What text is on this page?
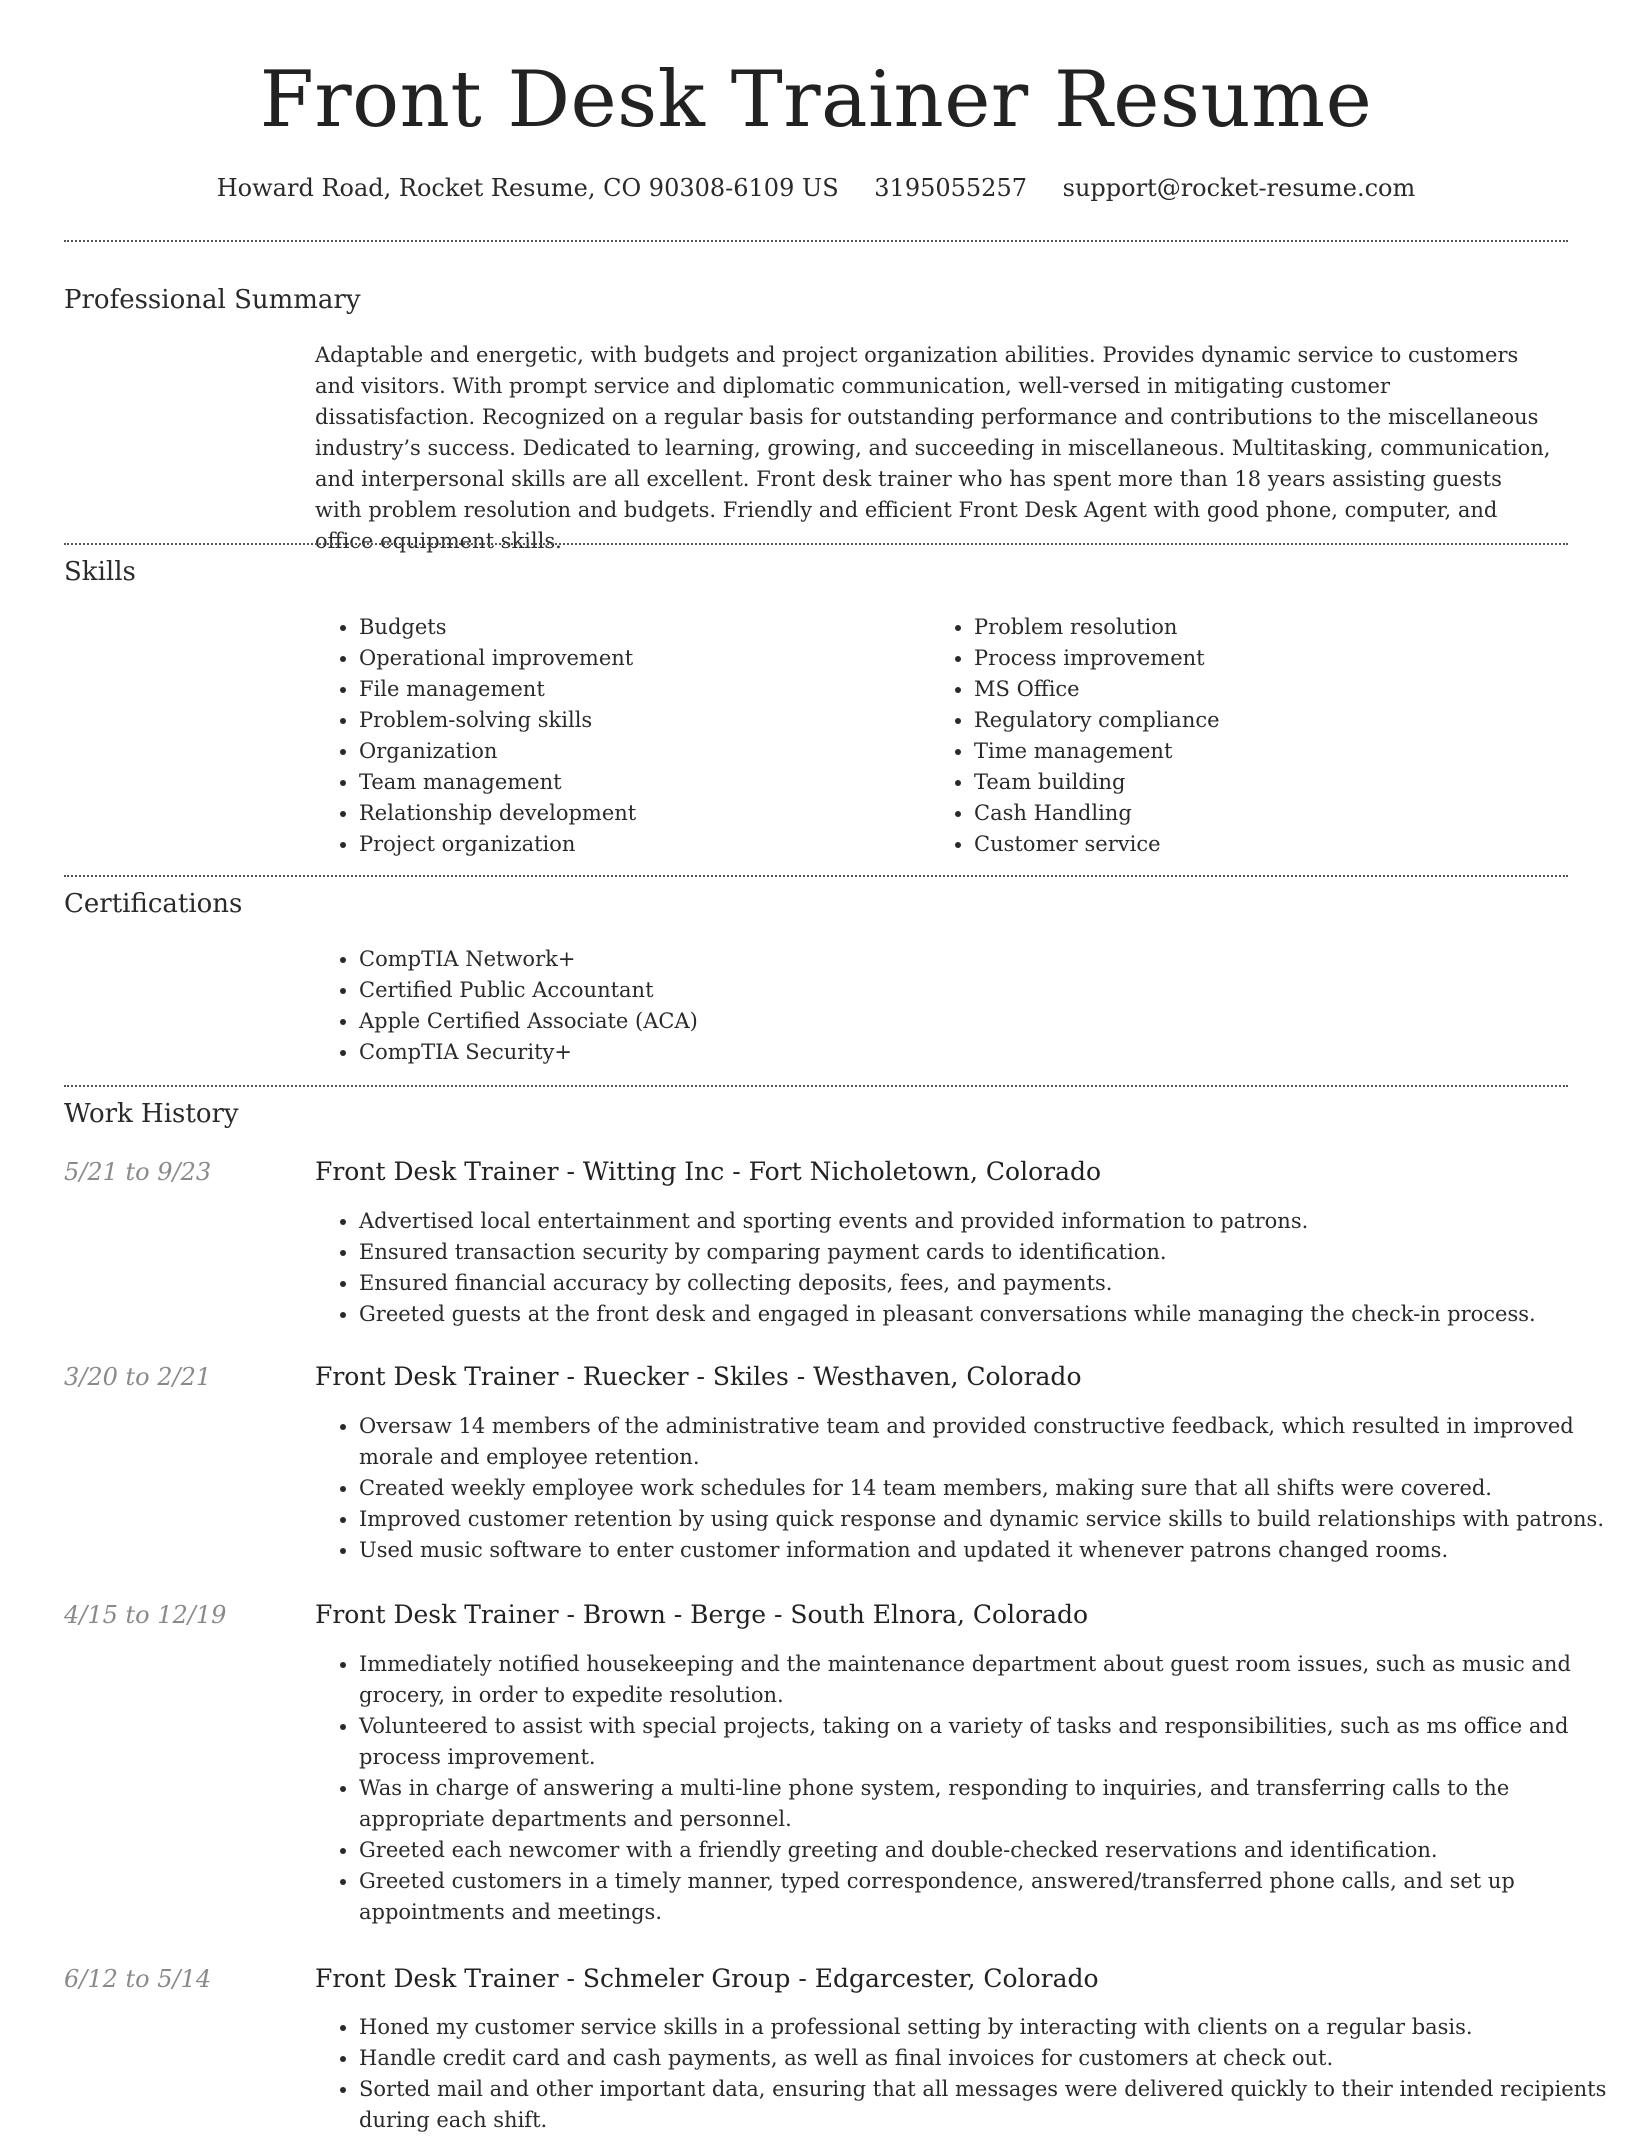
Front Desk Trainer Resume
Howard Road, Rocket Resume, CO 90308-6109 US 3195055257 support@rocket-resume.com
Professional Summary

Adaptable and energetic, with budgets and project organization abilities. Provides dynamic service to customers and visitors. With prompt service and diplomatic communication, well-versed in mitigating customer dissatisfaction. Recognized on a regular basis for outstanding performance and contributions to the miscellaneous industry’s success. Dedicated to learning, growing, and succeeding in miscellaneous. Multitasking, communication, and interpersonal skills are all excellent. Front desk trainer who has spent more than 18 years assisting guests with problem resolution and budgets. Friendly and efficient Front Desk Agent with good phone, computer, and office equipment skills.

Skills
• Budgets
• Operational improvement
• File management
• Problem-solving skills
• Organization
• Team management
• Relationship development
• Project organization
• Problem resolution
• Process improvement
• MS Office
• Regulatory compliance
• Time management
• Team building
• Cash Handling
• Customer service
Certifications
• CompTIA Network+
• Certified Public Accountant
• Apple Certified Associate (ACA)
• CompTIA Security+
Work History
5/21 to 9/23	Front Desk Trainer - Witting Inc - Fort Nicholetown, Colorado
• Advertised local entertainment and sporting events and provided information to patrons.
• Ensured transaction security by comparing payment cards to identification.
• Ensured financial accuracy by collecting deposits, fees, and payments.
• Greeted guests at the front desk and engaged in pleasant conversations while managing the check-in process.
3/20 to 2/21	Front Desk Trainer - Ruecker - Skiles - Westhaven, Colorado
• Oversaw 14 members of the administrative team and provided constructive feedback, which resulted in improved morale and employee retention.
• Created weekly employee work schedules for 14 team members, making sure that all shifts were covered.
• Improved customer retention by using quick response and dynamic service skills to build relationships with patrons.
• Used music software to enter customer information and updated it whenever patrons changed rooms.
4/15 to 12/19	Front Desk Trainer - Brown - Berge - South Elnora, Colorado
• Immediately notified housekeeping and the maintenance department about guest room issues, such as music and grocery, in order to expedite resolution.
• Volunteered to assist with special projects, taking on a variety of tasks and responsibilities, such as ms office and process improvement.
• Was in charge of answering a multi-line phone system, responding to inquiries, and transferring calls to the appropriate departments and personnel.
• Greeted each newcomer with a friendly greeting and double-checked reservations and identification.
• Greeted customers in a timely manner, typed correspondence, answered/transferred phone calls, and set up appointments and meetings.
6/12 to 5/14	Front Desk Trainer - Schmeler Group - Edgarcester, Colorado
• Honed my customer service skills in a professional setting by interacting with clients on a regular basis.
• Handle credit card and cash payments, as well as final invoices for customers at check out.
• Sorted mail and other important data, ensuring that all messages were delivered quickly to their intended recipients during each shift.
